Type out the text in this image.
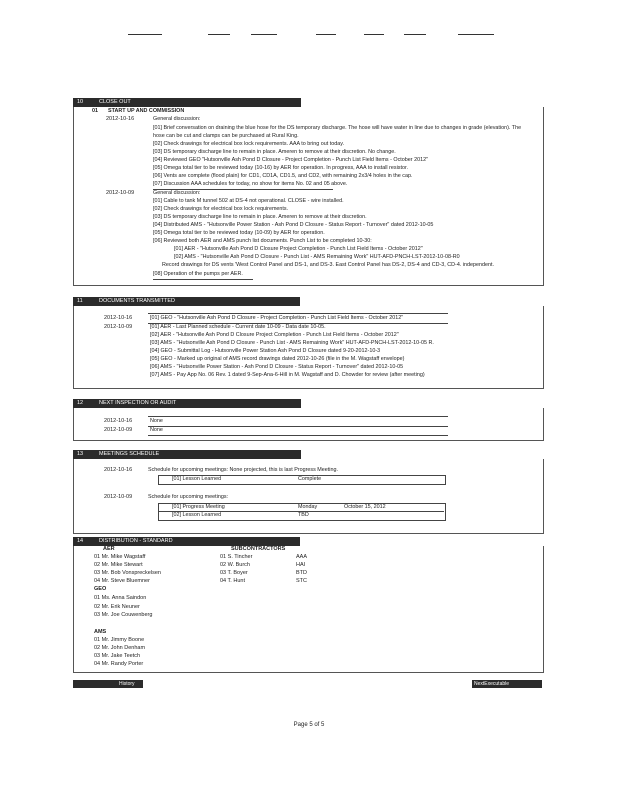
10	CLOSE OUT
01 START UP AND COMMISSION
2012-10-16	General discussion:
[01] Brief conversation on draining the blue hose for the DS temporary discharge. The hose will have water in line due to changes in grade (elevation). The
hose can be cut and clamps can be purchased at Rural King.
[02] Check drawings for electrical box lock requirements. AAA to bring out today.
[03] DS temporary discharge line to remain in place. Ameren to remove at their discretion. No change.
[04] Reviewed GEO "Hutsonville Ash Pond D Closure - Project Completion - Punch List Field Items - October 2012"
[05] Omega total tier to be reviewed today (10-16) by AER for operation. In progress, AAA to install resistor.
[06] Vents are complete (flood plain) for CD1, CD1A, CD1.5, and CD2, with remaining 2x3/4 holes in the cap.
[07] Discussion AAA schedules for today, no show for items No. 02 and 05 above.
2012-10-09	General discussion:
[01] Cable to tank M tunnel 502 at DS-4 not operational. CLOSE - wire installed.
[02] Check drawings for electrical box lock requirements.
[03] DS temporary discharge line to remain in place. Ameren to remove at their discretion.
[04] Distributed AMS - "Hutsonville Power Station - Ash Pond D Closure - Status Report - Turnover" dated 2012-10-05
[05] Omega total tier to be reviewed today (10-09) by AER for operation.
[06] Reviewed both AER and AMS punch list documents. Punch List to be completed 10-30:
[01] AER - "Hutsonville Ash Pond D Closure Project Completion - Punch List Field Items - October 2012"
[02] AMS - "Hutsonville Ash Pond D Closure - Punch List - AMS Remaining Work" HUT-AFD-PNCH-LST-2012-10-08-R0
Record drawings for DS vents 'West Control Panel and DS-1, and DS-3. East Control Panel has DS-2, DS-4 and CD-3, CD-4. independent.
[08] Operation of the pumps per AER.
11	DOCUMENTS TRANSMITTED
2012-10-16	[01] GEO - "Hutsonville Ash Pond D Closure - Project Completion - Punch List Field Items - October 2012"
2012-10-09	[01] AER - Last Planned schedule - Current date 10-09 - Data date 10-05.
[02] AER - "Hutsonville Ash Pond D Closure Project Completion - Punch List Field Items - October 2012"
[03] AMS - "Hutsonville Ash Pond D Closure - Punch List - AMS Remaining Work" HUT-AFD-PNCH-LST-2012-10-05 R.
[04] GEO - Submittal Log - Hutsonville Power Station Ash Pond D Closure dated 9-20-2012-10-3
[05] GEO - Marked up original of AMS record drawings dated 2012-10-26 (file in the M. Wagstaff envelope)
[06] AMS - "Hutsonville Power Station - Ash Pond D Closure - Status Report - Turnover" dated 2012-10-05
[07] AMS - Pay App No. 06 Rev. 1 dated 9-Sep-Ana-6-Hill in M. Wagstaff and D. Chowder for review (after meeting)
12	NEXT INSPECTION OR AUDIT
2012-10-16	None
2012-10-09	None
13	MEETINGS SCHEDULE
2012-10-16	Schedule for upcoming meetings: None projected, this is last Progress Meeting.
[01] Lesson Learned	Complete
2012-10-09	Schedule for upcoming meetings:
[01] Progress Meeting	Monday	October 15, 2012
[02] Lesson Learned	TBD
14	DISTRIBUTION - STANDARD
AER
01 Mr. Mike Wagstaff
02 Mr. Mike Stewart
03 Mr. Bob Vonspreckelsen
04 Mr. Steve Bluemner
GEO
01 Ms. Anna Saindon
02 Mr. Erik Neuner
03 Mr. Joe Couwenberg
AMS
01 Mr. Jimmy Boone
02 Mr. John Denham
03 Mr. Jake Teetch
04 Mr. Randy Porter
SUBCONTRACTORS
01 S. Tincher	AAA
02 W. Burch	HAI
03 T. Boyer	BTD
04 T. Hunt	STC
History	NextExecutable
Page 5 of 5
